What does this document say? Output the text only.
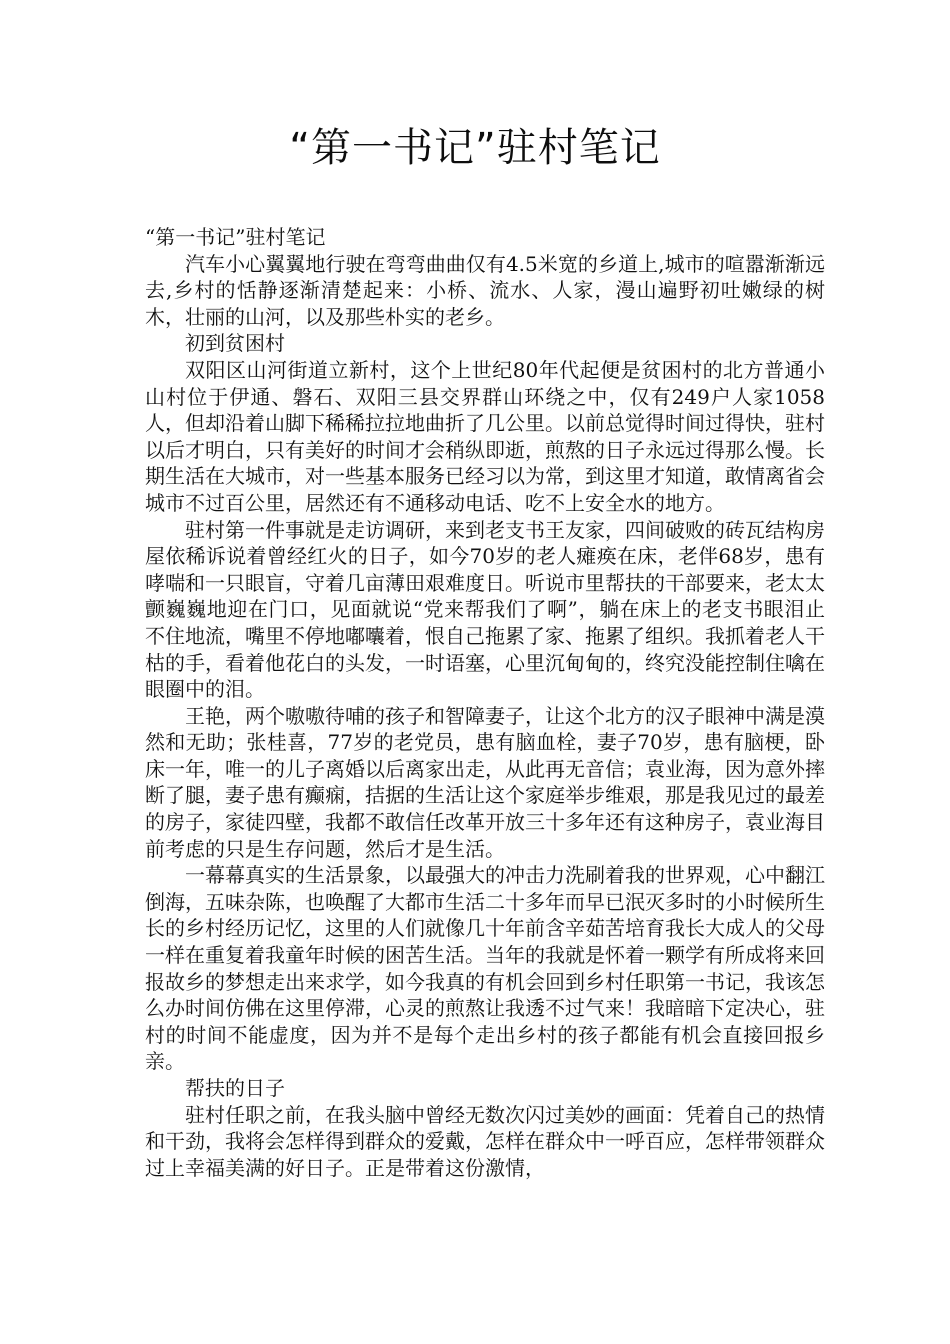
“第一书记”驻村笔记

“第一书记”驻村笔记

汽车小心翼翼地行驶在弯弯曲曲仅有4.5米宽的乡道上,城市的喧嚣渐渐远去,乡村的恬静逐渐清楚起来：小桥、流水、人家，漫山遍野初吐嫩绿的树木，壮丽的山河，以及那些朴实的老乡。

初到贫困村

双阳区山河街道立新村，这个上世纪80年代起便是贫困村的北方普通小山村位于伊通、磐石、双阳三县交界群山环绕之中，仅有249户人家1058人，但却沿着山脚下稀稀拉拉地曲折了几公里。以前总觉得时间过得快，驻村以后才明白，只有美好的时间才会稍纵即逝，煎熬的日子永远过得那么慢。长期生活在大城市，对一些基本服务已经习以为常，到这里才知道，敢情离省会城市不过百公里，居然还有不通移动电话、吃不上安全水的地方。

驻村第一件事就是走访调研，来到老支书王友家，四间破败的砖瓦结构房屋依稀诉说着曾经红火的日子，如今70岁的老人瘫痪在床，老伴68岁，患有哮喘和一只眼盲，守着几亩薄田艰难度日。听说市里帮扶的干部要来，老太太颤巍巍地迎在门口，见面就说“党来帮我们了啊”，躺在床上的老支书眼泪止不住地流，嘴里不停地嘟囔着，恨自己拖累了家、拖累了组织。我抓着老人干枯的手，看着他花白的头发，一时语塞，心里沉甸甸的，终究没能控制住噙在眼圈中的泪。

王艳，两个嗷嗷待哺的孩子和智障妻子，让这个北方的汉子眼神中满是漠然和无助；张桂喜，77岁的老党员，患有脑血栓，妻子70岁，患有脑梗，卧床一年，唯一的儿子离婚以后离家出走，从此再无音信；袁业海，因为意外摔断了腿，妻子患有癫痫，拮据的生活让这个家庭举步维艰，那是我见过的最差的房子，家徒四壁，我都不敢信任改革开放三十多年还有这种房子，袁业海目前考虑的只是生存问题，然后才是生活。

一幕幕真实的生活景象，以最强大的冲击力洗刷着我的世界观，心中翻江倒海，五味杂陈，也唤醒了大都市生活二十多年而早已泯灭多时的小时候所生长的乡村经历记忆，这里的人们就像几十年前含辛茹苦培育我长大成人的父母一样在重复着我童年时候的困苦生活。当年的我就是怀着一颗学有所成将来回报故乡的梦想走出来求学，如今我真的有机会回到乡村任职第一书记，我该怎么办时间仿佛在这里停滞，心灵的煎熬让我透不过气来！我暗暗下定决心，驻村的时间不能虚度，因为并不是每个走出乡村的孩子都能有机会直接回报乡亲。

帮扶的日子

驻村任职之前，在我头脑中曾经无数次闪过美妙的画面：凭着自己的热情和干劲，我将会怎样得到群众的爱戴，怎样在群众中一呼百应，怎样带领群众过上幸福美满的好日子。正是带着这份激情，
